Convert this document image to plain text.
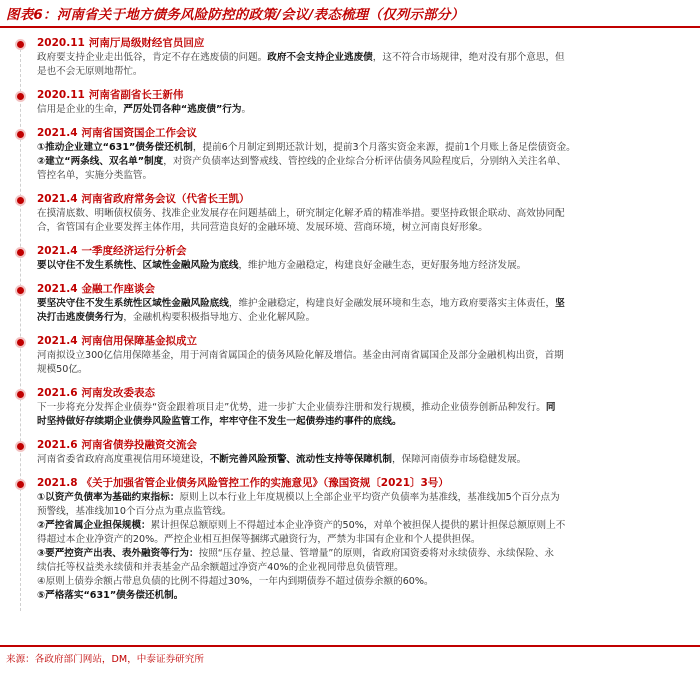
图表6：河南省关于地方债务风险防控的政策/会议/表态梳理（仅列示部分）
2020.11 河南厅局级财经官员回应
政府要支持企业走出低谷，肯定不存在逃废债的问题。政府不会支持企业逃废债，这不符合市场规律，绝对没有那个意思，但
是也不会无原则地帮忙。
2020.11 河南省副省长王新伟
信用是企业的生命，严厉处罚各种“逃废债”行为。
2021.4 河南省国资国企工作会议
①推动企业建立“631”债务偿还机制，提前6个月制定到期还款计划，提前3个月落实资金来源，提前1个月账上备足偿债资金。
②建立“两条线、双名单”制度，对资产负债率达到警戒线、管控线的企业综合分析评估债务风险程度后，分别纳入关注名单、
管控名单，实施分类监管。
2021.4 河南省政府常务会议（代省长王凯）
在摸清底数、明晰债权债务、找准企业发展存在问题基础上，研究制定化解矛盾的精准举措。要坚持政银企联动、高效协同配
合，省管国有企业要发挥主体作用，共同营造良好的金融环境、发展环境、营商环境，树立河南良好形象。
2021.4 一季度经济运行分析会
要以守住不发生系统性、区域性金融风险为底线，维护地方金融稳定，构建良好金融生态，更好服务地方经济发展。
2021.4 金融工作座谈会
要坚决守住不发生系统性区域性金融风险底线，维护金融稳定，构建良好金融发展环境和生态，地方政府要落实主体责任，坚
决打击逃废债务行为，金融机构要积极指导地方、企业化解风险。
2021.4 河南信用保障基金拟成立
河南拟设立300亿信用保障基金，用于河南省属国企的债务风险化解及增信。基金由河南省属国企及部分金融机构出资，首期
规模50亿。
2021.6 河南发改委表态
下一步将充分发挥企业债券“资金跟着项目走”优势，进一步扩大企业债券注册和发行规模，推动企业债券创新品种发行。同
时坚持做好存续期企业债券风险监管工作，牢牢守住不发生一起债券违约事件的底线。
2021.6 河南省债券投融资交流会
河南省委省政府高度重视信用环境建设，不断完善风险预警、流动性支持等保障机制，保障河南债券市场稳健发展。
2021.8 《关于加强省管企业债务风险管控工作的实施意见》（豫国资规〔2021〕3号）
①以资产负债率为基础约束指标：原则上以本行业上年度规模以上全部企业平均资产负债率为基准线，基准线加5个百分点为
预警线，基准线加10个百分点为重点监管线。
②严控省属企业担保规模：累计担保总额原则上不得超过本企业净资产的50%，对单个被担保人提供的累计担保总额原则上不
得超过本企业净资产的20%。严控企业相互担保等捆绑式融资行为，严禁为非国有企业和个人提供担保。
③要严控资产出表、表外融资等行为：按照“压存量、控总量、管增量”的原则，省政府国资委将对永续债券、永续保险、永
续信托等权益类永续债和并表基金产品余额超过净资产40%的企业视同带息负债管理。
④原则上债券余额占带息负债的比例不得超过30%，一年内到期债券不超过债券余额的60%。
⑤严格落实“631”债务偿还机制。
来源：各政府部门网站，DM，中泰证券研究所
